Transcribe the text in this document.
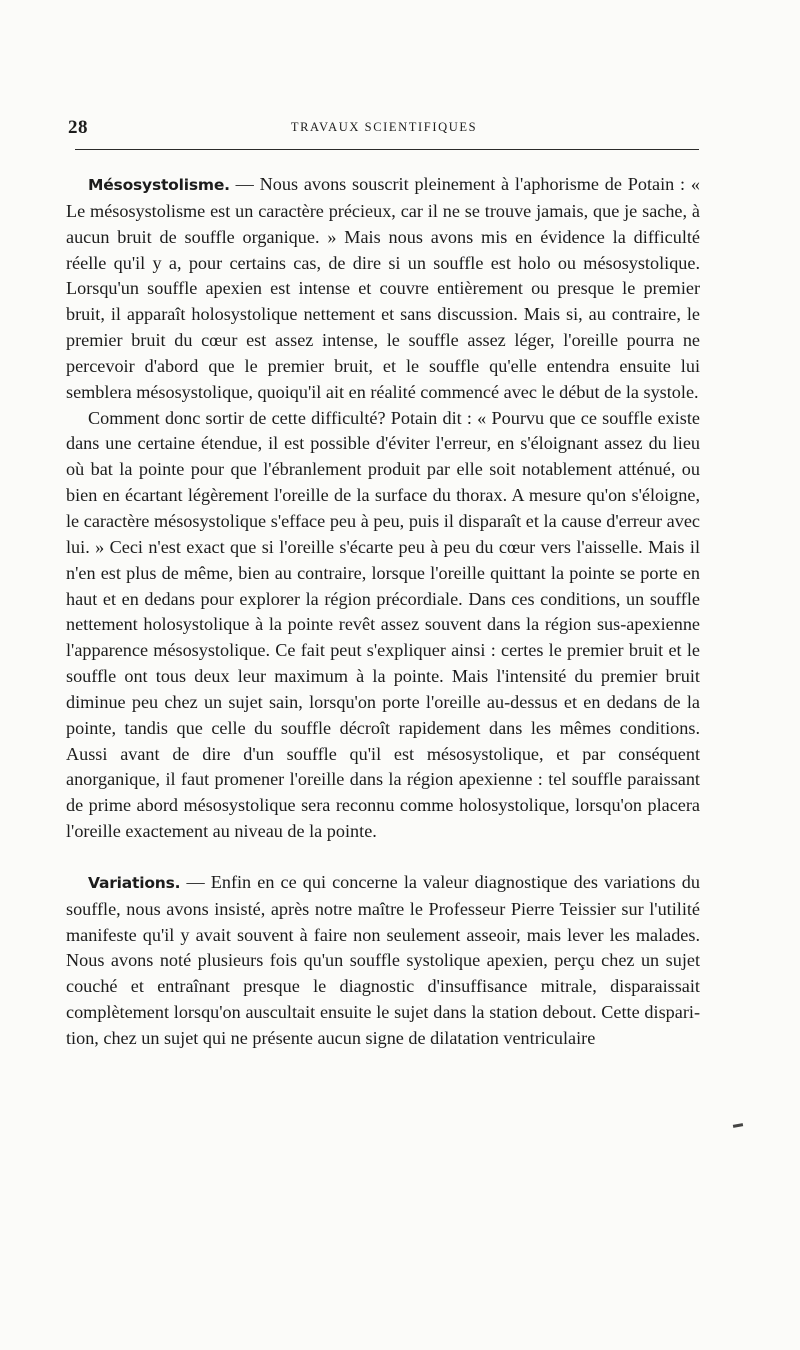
28	TRAVAUX SCIENTIFIQUES

Mésosystolisme. — Nous avons souscrit pleinement à l'aphorisme de Potain : « Le mésosystolisme est un caractère précieux, car il ne se trouve jamais, que je sache, à aucun bruit de souffle organique. » Mais nous avons mis en évidence la difficulté réelle qu'il y a, pour certains cas, de dire si un souffle est holo ou mésosystolique. Lorsqu'un souffle apexien est intense et couvre entièrement ou presque le premier bruit, il apparaît holosystolique nettement et sans discussion. Mais si, au contraire, le premier bruit du cœur est assez intense, le souffle assez léger, l'oreille pourra ne percevoir d'abord que le premier bruit, et le souffle qu'elle entendra ensuite lui semblera mésosystolique, quoiqu'il ait en réalité commencé avec le début de la systole.

Comment donc sortir de cette difficulté? Potain dit : « Pourvu que ce souffle existe dans une certaine étendue, il est possible d'éviter l'erreur, en s'éloignant assez du lieu où bat la pointe pour que l'ébranlement produit par elle soit notablement atténué, ou bien en écartant légèrement l'oreille de la surface du thorax. A mesure qu'on s'éloigne, le caractère mésosystolique s'efface peu à peu, puis il disparaît et la cause d'erreur avec lui. » Ceci n'est exact que si l'oreille s'écarte peu à peu du cœur vers l'aisselle. Mais il n'en est plus de même, bien au contraire, lorsque l'oreille quittant la pointe se porte en haut et en dedans pour explorer la région précordiale. Dans ces conditions, un souffle nettement holosystolique à la pointe revêt assez souvent dans la région sus-apexienne l'apparence mésosystolique. Ce fait peut s'expliquer ainsi : certes le premier bruit et le souffle ont tous deux leur maximum à la pointe. Mais l'intensité du premier bruit diminue peu chez un sujet sain, lorsqu'on porte l'oreille au-dessus et en dedans de la pointe, tandis que celle du souffle décroît rapidement dans les mêmes conditions. Aussi avant de dire d'un souffle qu'il est mésosystolique, et par conséquent anorganique, il faut promener l'oreille dans la région apexienne : tel souffle paraissant de prime abord mésosystolique sera reconnu comme holosystolique, lorsqu'on placera l'oreille exactement au niveau de la pointe.

Variations. — Enfin en ce qui concerne la valeur diagnostique des variations du souffle, nous avons insisté, après notre maître le Professeur Pierre Teissier sur l'utilité manifeste qu'il y avait souvent à faire non seulement asseoir, mais lever les malades. Nous avons noté plusieurs fois qu'un souffle systolique apexien, perçu chez un sujet couché et entraînant presque le diagnostic d'insuffisance mitrale, disparaissait complètement lorsqu'on auscultait ensuite le sujet dans la station debout. Cette disparition, chez un sujet qui ne présente aucun signe de dilatation ventriculaire
